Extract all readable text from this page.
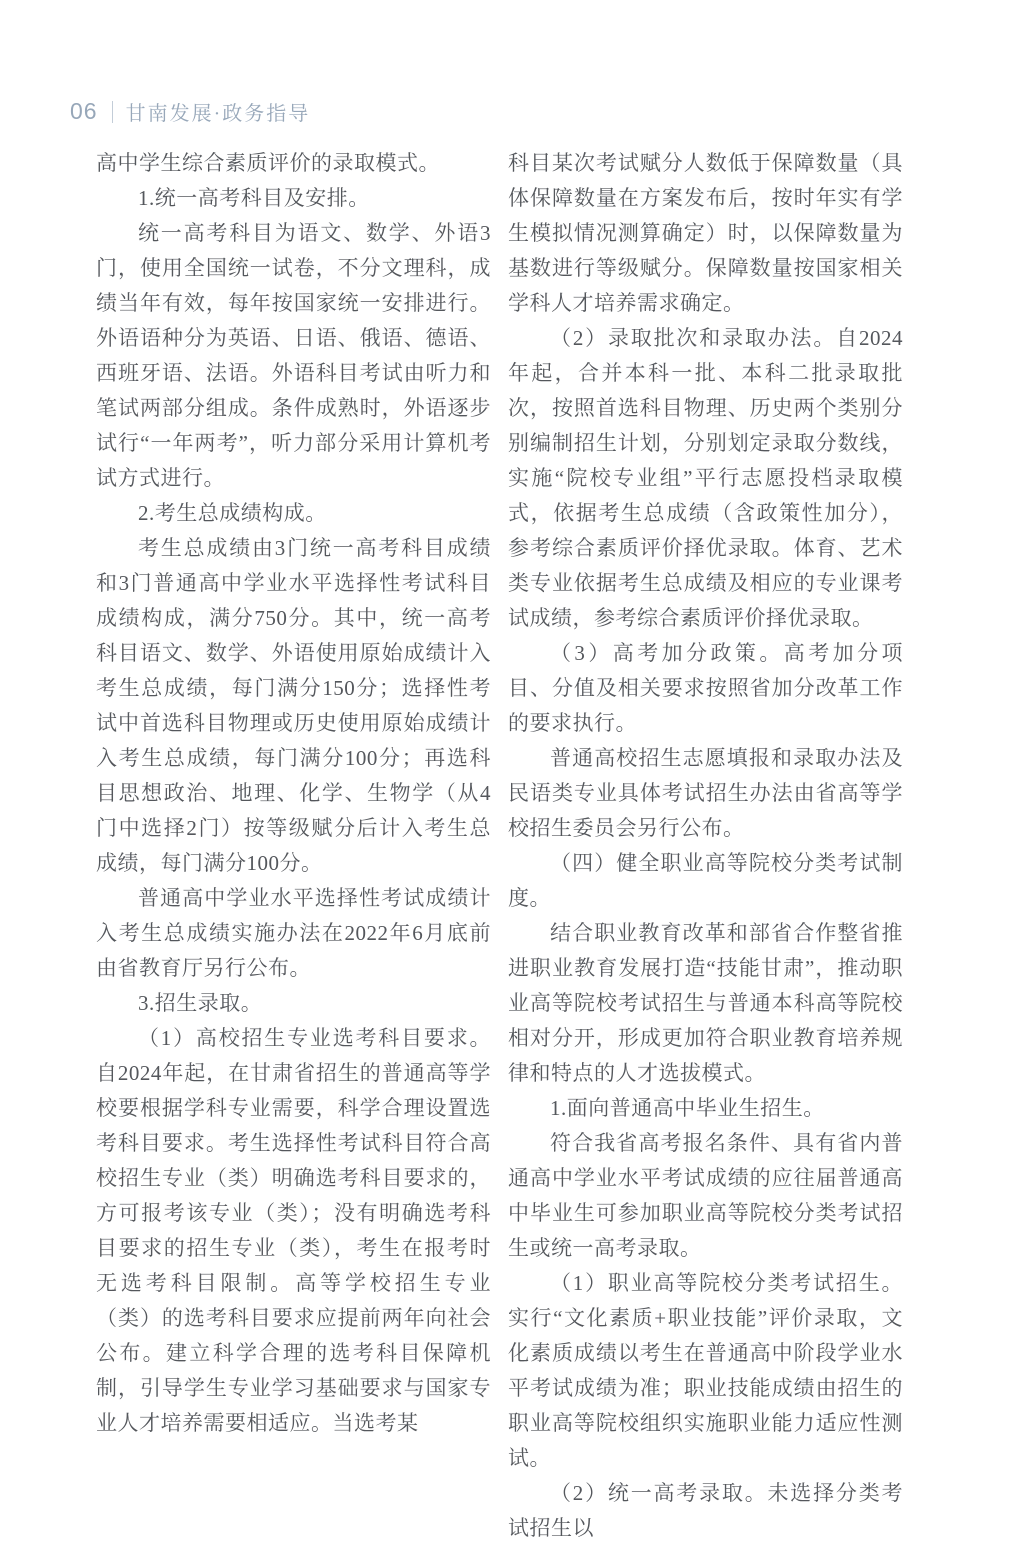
06 甘南发展·政务指导

高中学生综合素质评价的录取模式。

1.统一高考科目及安排。

统一高考科目为语文、数学、外语3门，使用全国统一试卷，不分文理科，成绩当年有效，每年按国家统一安排进行。外语语种分为英语、日语、俄语、德语、西班牙语、法语。外语科目考试由听力和笔试两部分组成。条件成熟时，外语逐步试行“一年两考”，听力部分采用计算机考试方式进行。

2.考生总成绩构成。

考生总成绩由3门统一高考科目成绩和3门普通高中学业水平选择性考试科目成绩构成，满分750分。其中，统一高考科目语文、数学、外语使用原始成绩计入考生总成绩，每门满分150分；选择性考试中首选科目物理或历史使用原始成绩计入考生总成绩，每门满分100分；再选科目思想政治、地理、化学、生物学（从4门中选择2门）按等级赋分后计入考生总成绩，每门满分100分。

普通高中学业水平选择性考试成绩计入考生总成绩实施办法在2022年6月底前由省教育厅另行公布。

3.招生录取。

（1）高校招生专业选考科目要求。自2024年起，在甘肃省招生的普通高等学校要根据学科专业需要，科学合理设置选考科目要求。考生选择性考试科目符合高校招生专业（类）明确选考科目要求的，方可报考该专业（类）；没有明确选考科目要求的招生专业（类），考生在报考时无选考科目限制。高等学校招生专业（类）的选考科目要求应提前两年向社会公布。建立科学合理的选考科目保障机制，引导学生专业学习基础要求与国家专业人才培养需要相适应。当选考某

科目某次考试赋分人数低于保障数量（具体保障数量在方案发布后，按时年实有学生模拟情况测算确定）时，以保障数量为基数进行等级赋分。保障数量按国家相关学科人才培养需求确定。

（2）录取批次和录取办法。自2024年起，合并本科一批、本科二批录取批次，按照首选科目物理、历史两个类别分别编制招生计划，分别划定录取分数线，实施“院校专业组”平行志愿投档录取模式，依据考生总成绩（含政策性加分），参考综合素质评价择优录取。体育、艺术类专业依据考生总成绩及相应的专业课考试成绩，参考综合素质评价择优录取。

（3）高考加分政策。高考加分项目、分值及相关要求按照省加分改革工作的要求执行。

普通高校招生志愿填报和录取办法及民语类专业具体考试招生办法由省高等学校招生委员会另行公布。

（四）健全职业高等院校分类考试制度。

结合职业教育改革和部省合作整省推进职业教育发展打造“技能甘肃”，推动职业高等院校考试招生与普通本科高等院校相对分开，形成更加符合职业教育培养规律和特点的人才选拔模式。

1.面向普通高中毕业生招生。

符合我省高考报名条件、具有省内普通高中学业水平考试成绩的应往届普通高中毕业生可参加职业高等院校分类考试招生或统一高考录取。

（1）职业高等院校分类考试招生。实行“文化素质+职业技能”评价录取，文化素质成绩以考生在普通高中阶段学业水平考试成绩为准；职业技能成绩由招生的职业高等院校组织实施职业能力适应性测试。

（2）统一高考录取。未选择分类考试招生以
